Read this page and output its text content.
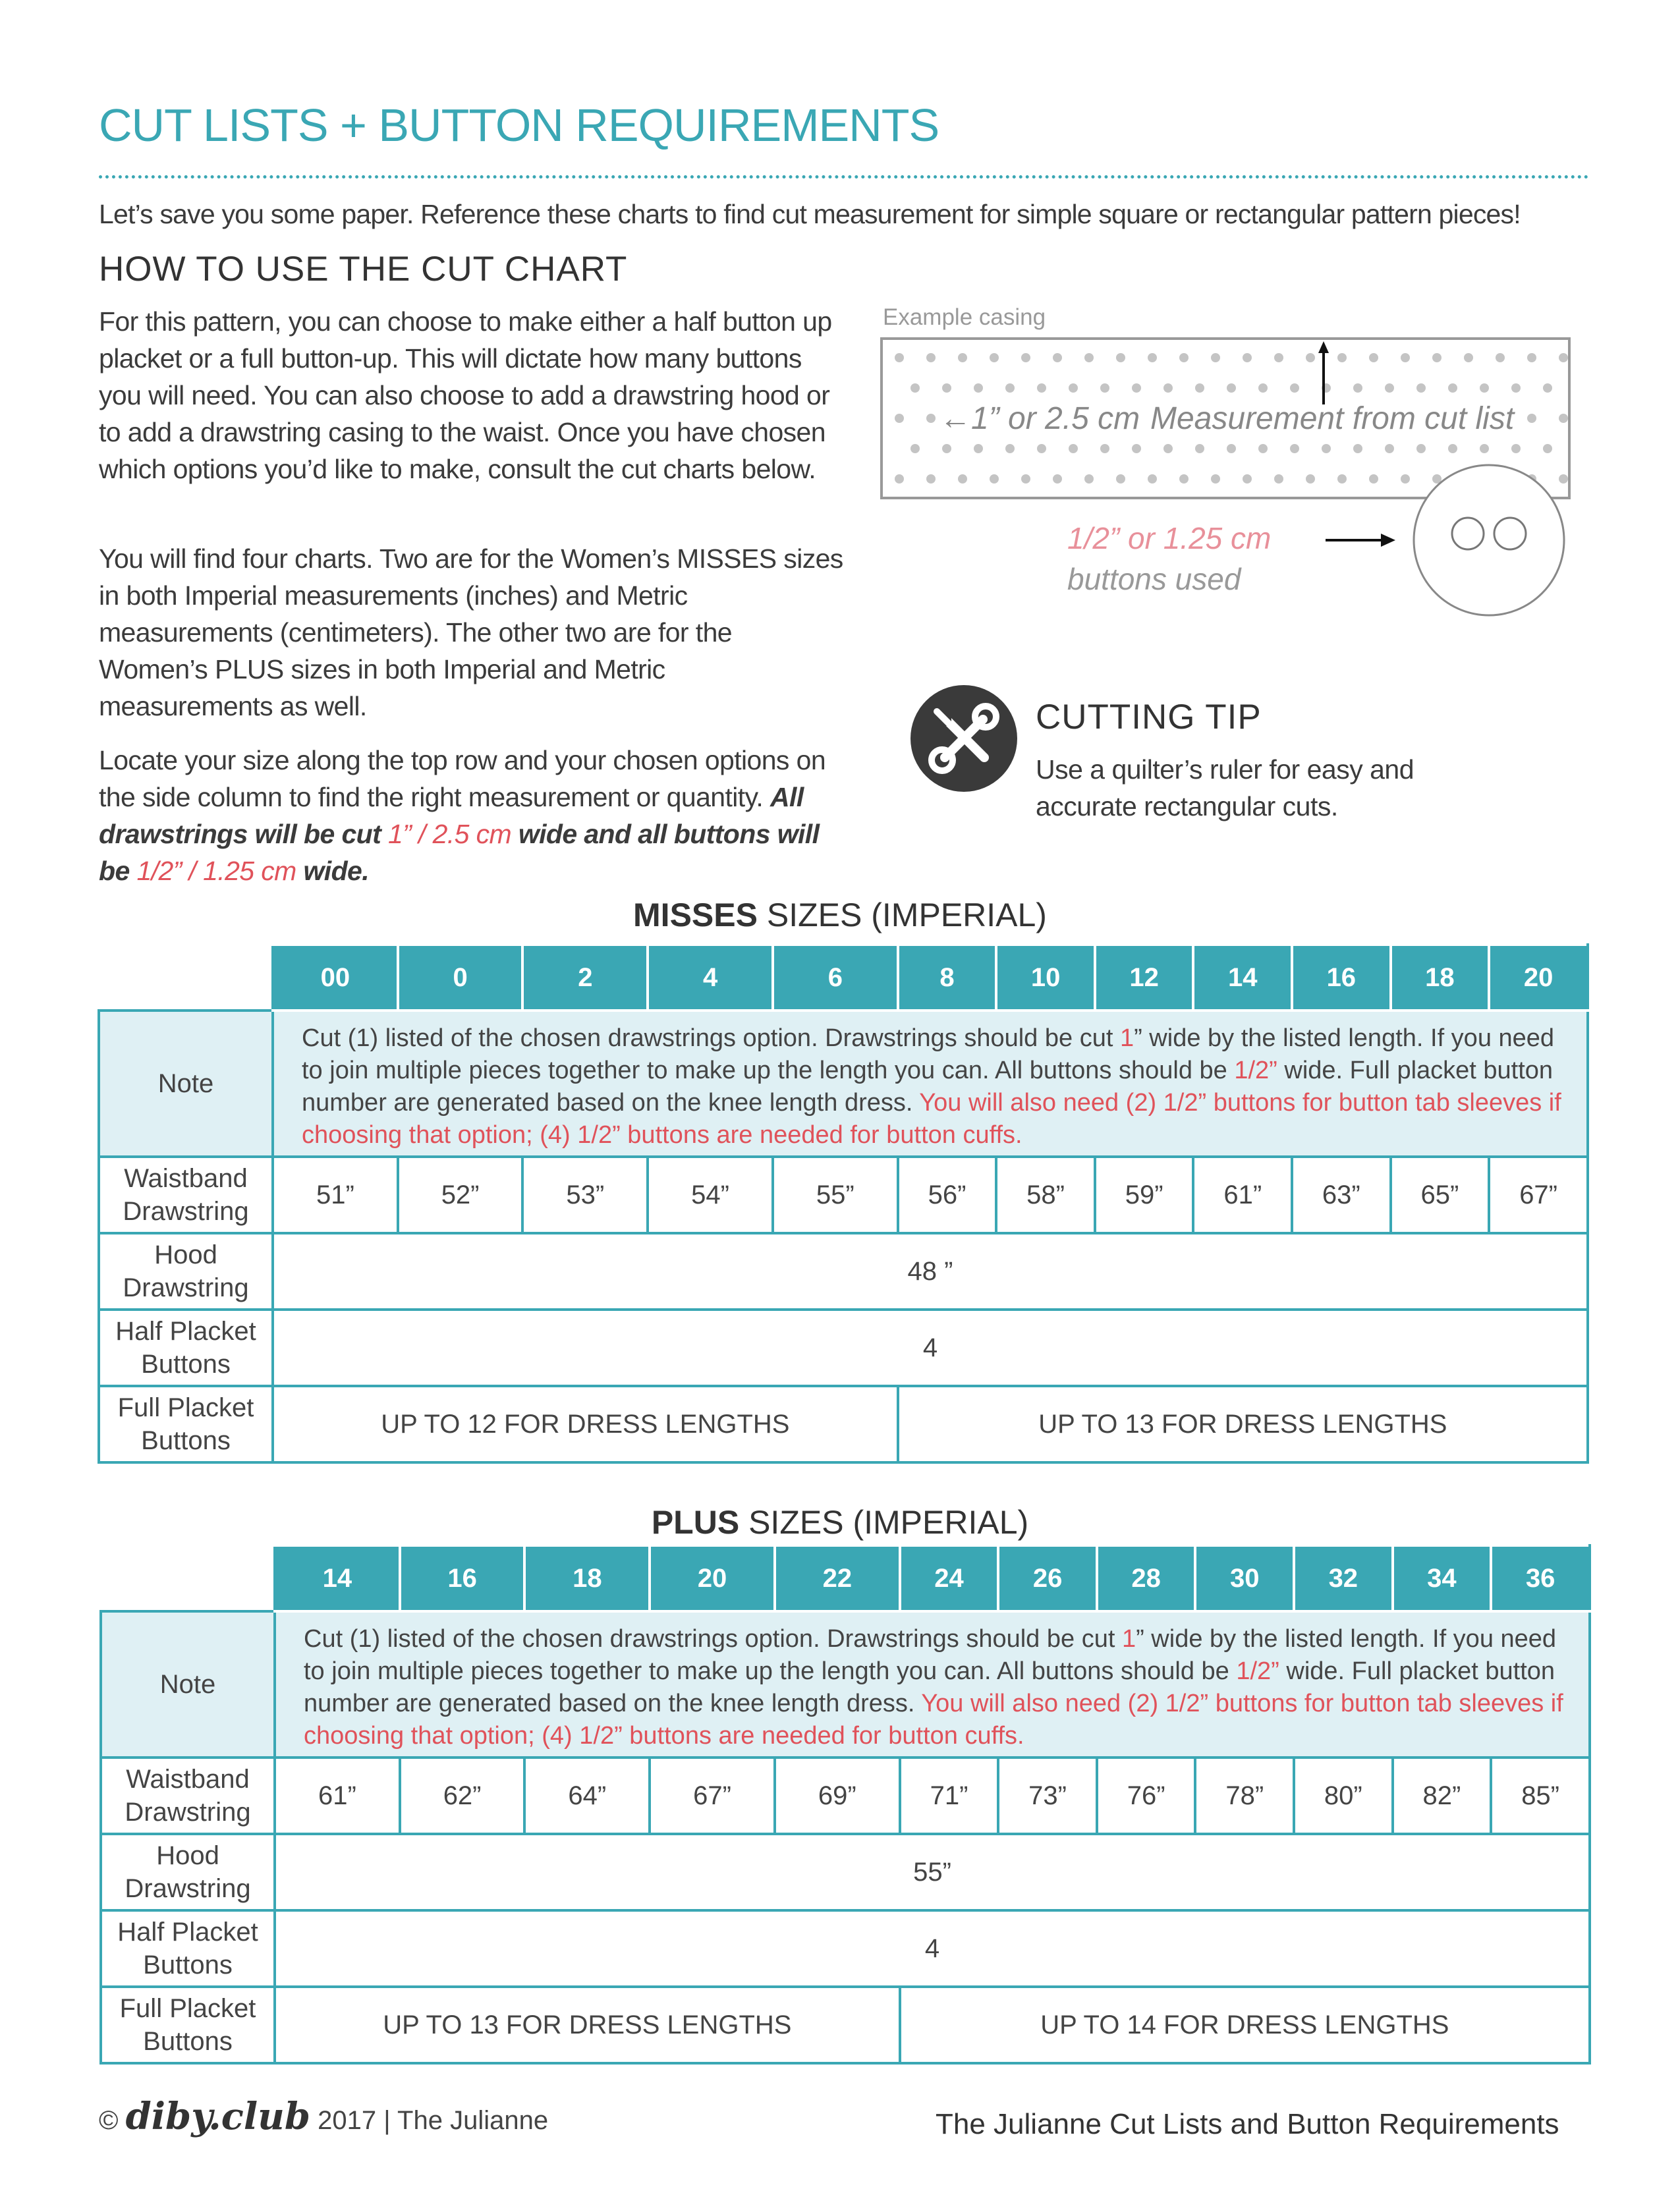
CUT LISTS + BUTTON REQUIREMENTS
Let’s save you some paper. Reference these charts to find cut measurement for simple square or rectangular pattern pieces!
HOW TO USE THE CUT CHART
For this pattern, you can choose to make either a half button up placket or a full button-up. This will dictate how many buttons you will need. You can also choose to add a drawstring hood or to add a drawstring casing to the waist. Once you have chosen which options you’d like to make, consult the cut charts below.
You will find four charts. Two are for the Women’s MISSES sizes in both Imperial measurements (inches) and Metric measurements (centimeters). The other two are for the Women’s PLUS sizes in both Imperial and Metric measurements as well.
Locate your size along the top row and your chosen options on the side column to find the right measurement or quantity. All drawstrings will be cut 1” / 2.5 cm wide and all buttons will be 1/2” / 1.25 cm wide.
Example casing
←1” or 2.5 cm Measurement from cut list
1/2” or 1.25 cm
buttons used
CUTTING TIP
Use a quilter’s ruler for easy and
accurate rectangular cuts.
MISSES SIZES (IMPERIAL)
	00	0	2	4	6	8	10	12	14	16	18	20
Note	Cut (1) listed of the chosen drawstrings option. Drawstrings should be cut 1” wide by the listed length. If you need to join multiple pieces together to make up the length you can. All buttons should be 1/2” wide. Full placket button number are generated based on the knee length dress. You will also need (2) 1/2” buttons for button tab sleeves if choosing that option; (4) 1/2” buttons are needed for button cuffs.											

Waistband
Drawstring	51”	52”	53”	54”	55”	56”	58”	59”	61”	63”	65”	67”

Hood
Drawstring	48 ”											

Half Placket
Buttons	4											

Full Placket
Buttons	UP TO 12 FOR DRESS LENGTHS					UP TO 13 FOR DRESS LENGTHS						
PLUS SIZES (IMPERIAL)
	14	16	18	20	22	24	26	28	30	32	34	36
Note	Cut (1) listed of the chosen drawstrings option. Drawstrings should be cut 1” wide by the listed length. If you need to join multiple pieces together to make up the length you can. All buttons should be 1/2” wide. Full placket button number are generated based on the knee length dress. You will also need (2) 1/2” buttons for button tab sleeves if choosing that option; (4) 1/2” buttons are needed for button cuffs.											

Waistband
Drawstring	61”	62”	64”	67”	69”	71”	73”	76”	78”	80”	82”	85”

Hood
Drawstring	55”											

Half Placket
Buttons	4											

Full Placket
Buttons	UP TO 13 FOR DRESS LENGTHS					UP TO 14 FOR DRESS LENGTHS						
© diby.club 2017 | The Julianne	The Julianne Cut Lists and Button Requirements
